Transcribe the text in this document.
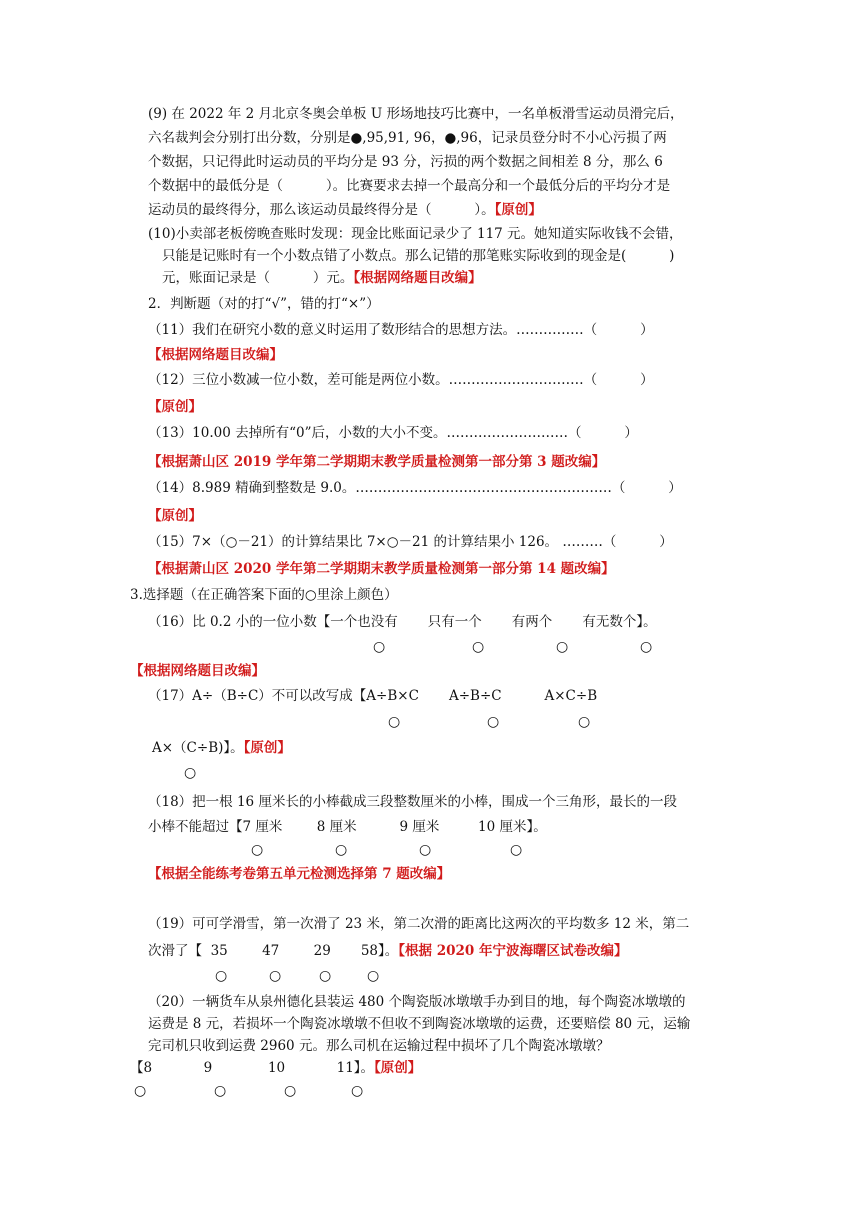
(9) 在 2022 年 2 月北京冬奥会单板 U 形场地技巧比赛中，一名单板滑雪运动员滑完后，
六名裁判会分别打出分数，分别是●,95,91, 96，●,96，记录员登分时不小心污损了两
个数据，只记得此时运动员的平均分是 93 分，污损的两个数据之间相差 8 分，那么 6
个数据中的最低分是（          ）。比赛要求去掉一个最高分和一个最低分后的平均分才是
运动员的最终得分，那么该运动员最终得分是（          ）。【原创】
(10)小卖部老板傍晚查账时发现：现金比账面记录少了 117 元。她知道实际收钱不会错，
只能是记账时有一个小数点错了小数点。那么记错的那笔账实际收到的现金是(          )
元，账面记录是（          ）元。【根据网络题目改编】
2．判断题（对的打“√”，错的打“×”）
（11）我们在研究小数的意义时运用了数形结合的思想方法。……………（          ）
【根据网络题目改编】
（12）三位小数减一位小数，差可能是两位小数。…………………………（          ）
【原创】
（13）10.00 去掉所有“0”后，小数的大小不变。………………………（          ）
【根据萧山区 2019 学年第二学期期末教学质量检测第一部分第 3 题改编】
（14）8.989 精确到整数是 9.0。…………………………………………………（          ）
【原创】
（15）7×（○－21）的计算结果比 7×○－21 的计算结果小 126。 ………（          ）
【根据萧山区 2020 学年第二学期期末教学质量检测第一部分第 14 题改编】
3.选择题（在正确答案下面的○里涂上颜色）
（16）比 0.2 小的一位小数【一个也没有       只有一个       有两个       有无数个】。
○	○	○	○
【根据网络题目改编】
（17）A÷（B÷C）不可以改写成【A÷B×C       A÷B÷C          A×C÷B
○	○	○
A×（C÷B)】。【原创】
○
（18）把一根 16 厘米长的小棒截成三段整数厘米的小棒，围成一个三角形，最长的一段
小棒不能超过【7 厘米        8 厘米          9 厘米         10 厘米】。
○	○	○	○
【根据全能练考卷第五单元检测选择第 7 题改编】
（19）可可学滑雪，第一次滑了 23 米，第二次滑的距离比这两次的平均数多 12 米，第二
次滑了【  35        47        29       58】。【根据 2020 年宁波海曙区试卷改编】
○	○	○	○
（20）一辆货车从泉州德化县装运 480 个陶瓷版冰墩墩手办到目的地，每个陶瓷冰墩墩的
运费是 8 元，若损坏一个陶瓷冰墩墩不但收不到陶瓷冰墩墩的运费，还要赔偿 80 元，运输
完司机只收到运费 2960 元。那么司机在运输过程中损坏了几个陶瓷冰墩墩？
【8            9             10            11】。【原创】
○	○	○	○
